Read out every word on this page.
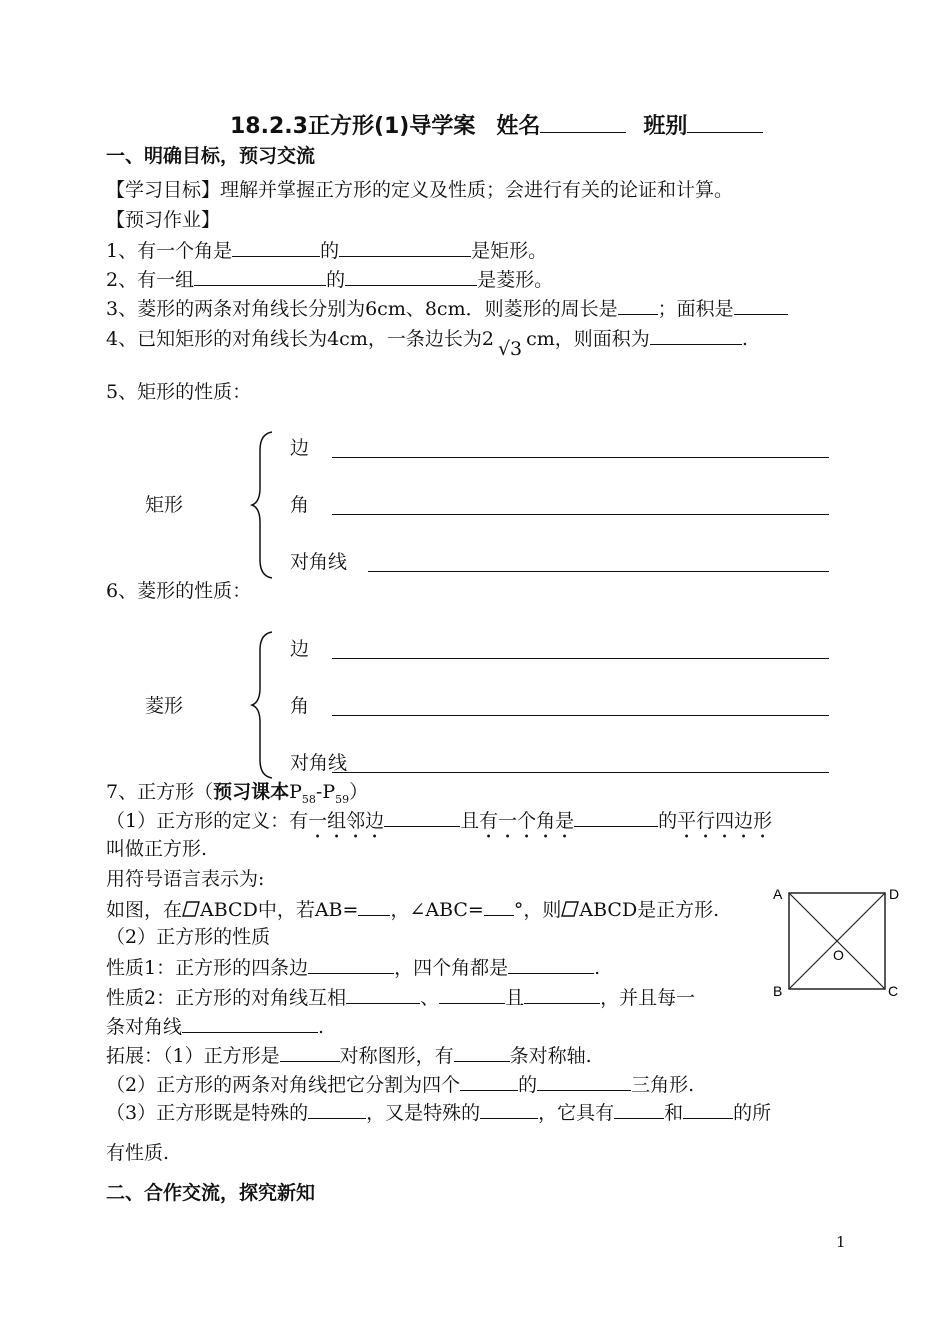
18.2.3正方形(1)导学案 姓名	班别
一、明确目标，预习交流
【学习目标】理解并掌握正方形的定义及性质；会进行有关的论证和计算。
【预习作业】
1、有一个角是	的	是矩形。
2、有一组	的	是菱形。
3、菱形的两条对角线长分别为6cm、8cm．则菱形的周长是 ；面积是
4、已知矩形的对角线长为4cm，一条边长为2 √3 cm，则面积为	.
5、矩形的性质：
矩形
边
角
对角线
6、菱形的性质：
菱形
边
角
对角线
7、正方形（预习课本$P_{58}-P_{59}$）
（1）正方形的定义：有一组邻边	且有一个角是	的平行四边形
叫做正方形.
用符号语言表示为:
如图，在 ABCD中，若AB= ，∠ABC= °，则 ABCD是正方形.
（2）正方形的性质
性质1：正方形的四条边	，四个角都是	.
性质2：正方形的对角线互相	、	且	，并且每一
条对角线	.
拓展：（1）正方形是	对称图形，有	条对称轴.
（2）正方形的两条对角线把它分割为四个	的	三角形.
（3）正方形既是特殊的	，又是特殊的	，它具有	和	的所
有性质.
二、合作交流，探究新知
A	D
B	C
O
1
